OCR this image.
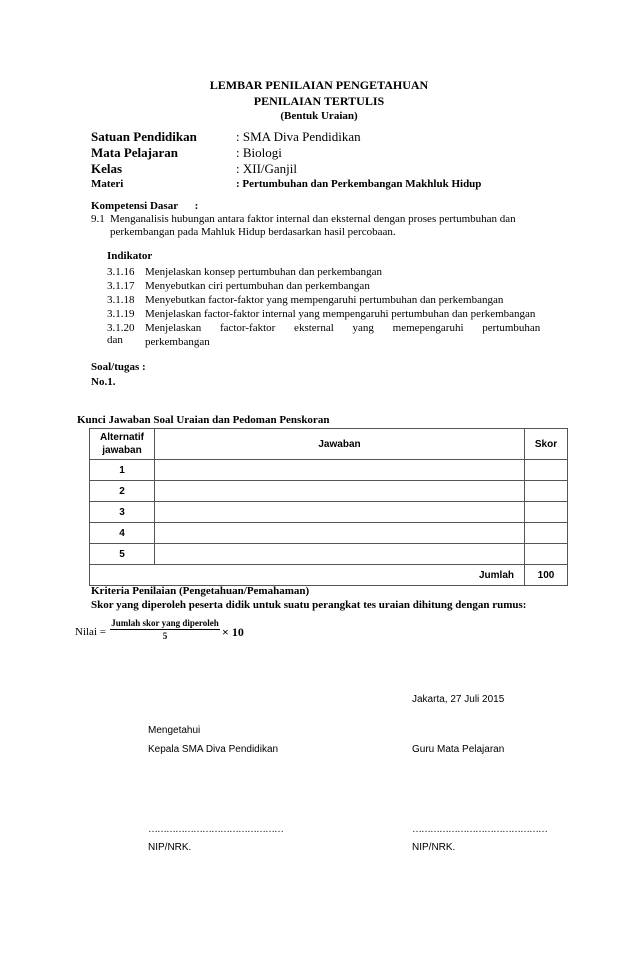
LEMBAR PENILAIAN PENGETAHUAN
PENILAIAN TERTULIS
(Bentuk Uraian)
Satuan Pendidikan	: SMA Diva Pendidikan
Mata Pelajaran	: Biologi
Kelas	: XII/Ganjil
Materi	: Pertumbuhan dan Perkembangan Makhluk Hidup
Kompetensi Dasar :
9.1 Menganalisis hubungan antara faktor internal dan eksternal dengan proses pertumbuhan dan
perkembangan pada Mahluk Hidup berdasarkan hasil percobaan.
Indikator
3.1.16 Menjelaskan konsep pertumbuhan dan perkembangan
3.1.17 Menyebutkan ciri pertumbuhan dan perkembangan
3.1.18 Menyebutkan factor-faktor yang mempengaruhi pertumbuhan dan perkembangan
3.1.19 Menjelaskan factor-faktor internal yang mempengaruhi pertumbuhan dan perkembangan
3.1.20 Menjelaskan factor-faktor eksternal yang memepengaruhi pertumbuhan dan	perkembangan
Soal/tugas :
No.1.
Kunci Jawaban Soal Uraian dan Pedoman Penskoran
Alternatif
jawaban	Jawaban	Skor
1		
2		
3		
4		
5		
Jumlah		100
Kriteria Penilaian (Pengetahuan/Pemahaman)
Skor yang diperoleh peserta didik untuk suatu perangkat tes uraian dihitung dengan rumus:
Nilai =
Jumlah skor yang diperoleh
5	× 10
Jakarta, 27 Juli 2015
Mengetahui
Kepala SMA Diva Pendidikan	Guru Mata Pelajaran
………………………………………	………………………………………
NIP/NRK.	NIP/NRK.
